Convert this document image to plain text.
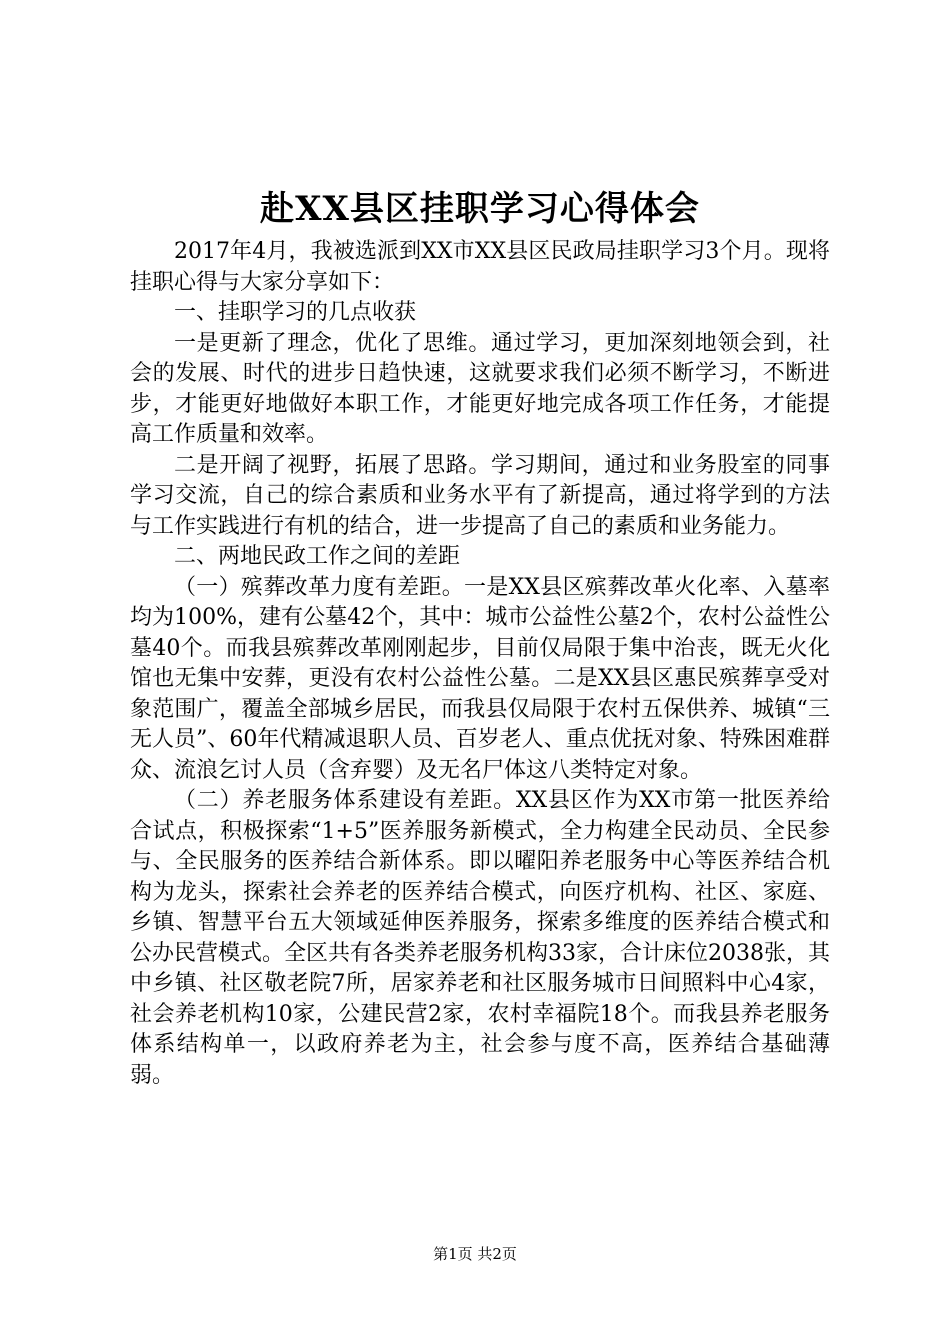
赴XX县区挂职学习心得体会

2017年4月，我被选派到XX市XX县区民政局挂职学习3个月。现将挂职心得与大家分享如下：

一、挂职学习的几点收获

一是更新了理念，优化了思维。通过学习，更加深刻地领会到，社会的发展、时代的进步日趋快速，这就要求我们必须不断学习，不断进步，才能更好地做好本职工作，才能更好地完成各项工作任务，才能提高工作质量和效率。

二是开阔了视野，拓展了思路。学习期间，通过和业务股室的同事学习交流，自己的综合素质和业务水平有了新提高，通过将学到的方法与工作实践进行有机的结合，进一步提高了自己的素质和业务能力。

二、两地民政工作之间的差距

（一）殡葬改革力度有差距。一是XX县区殡葬改革火化率、入墓率均为100%，建有公墓42个，其中：城市公益性公墓2个，农村公益性公墓40个。而我县殡葬改革刚刚起步，目前仅局限于集中治丧，既无火化馆也无集中安葬，更没有农村公益性公墓。二是XX县区惠民殡葬享受对象范围广，覆盖全部城乡居民，而我县仅局限于农村五保供养、城镇“三无人员”、60年代精减退职人员、百岁老人、重点优抚对象、特殊困难群众、流浪乞讨人员（含弃婴）及无名尸体这八类特定对象。

（二）养老服务体系建设有差距。XX县区作为XX市第一批医养给合试点，积极探索“1+5”医养服务新模式，全力构建全民动员、全民参与、全民服务的医养结合新体系。即以曜阳养老服务中心等医养结合机构为龙头，探索社会养老的医养结合模式，向医疗机构、社区、家庭、乡镇、智慧平台五大领域延伸医养服务，探索多维度的医养结合模式和公办民营模式。全区共有各类养老服务机构33家，合计床位2038张，其中乡镇、社区敬老院7所，居家养老和社区服务城市日间照料中心4家，社会养老机构10家，公建民营2家，农村幸福院18个。而我县养老服务体系结构单一，以政府养老为主，社会参与度不高，医养结合基础薄弱。

第1页 共2页
